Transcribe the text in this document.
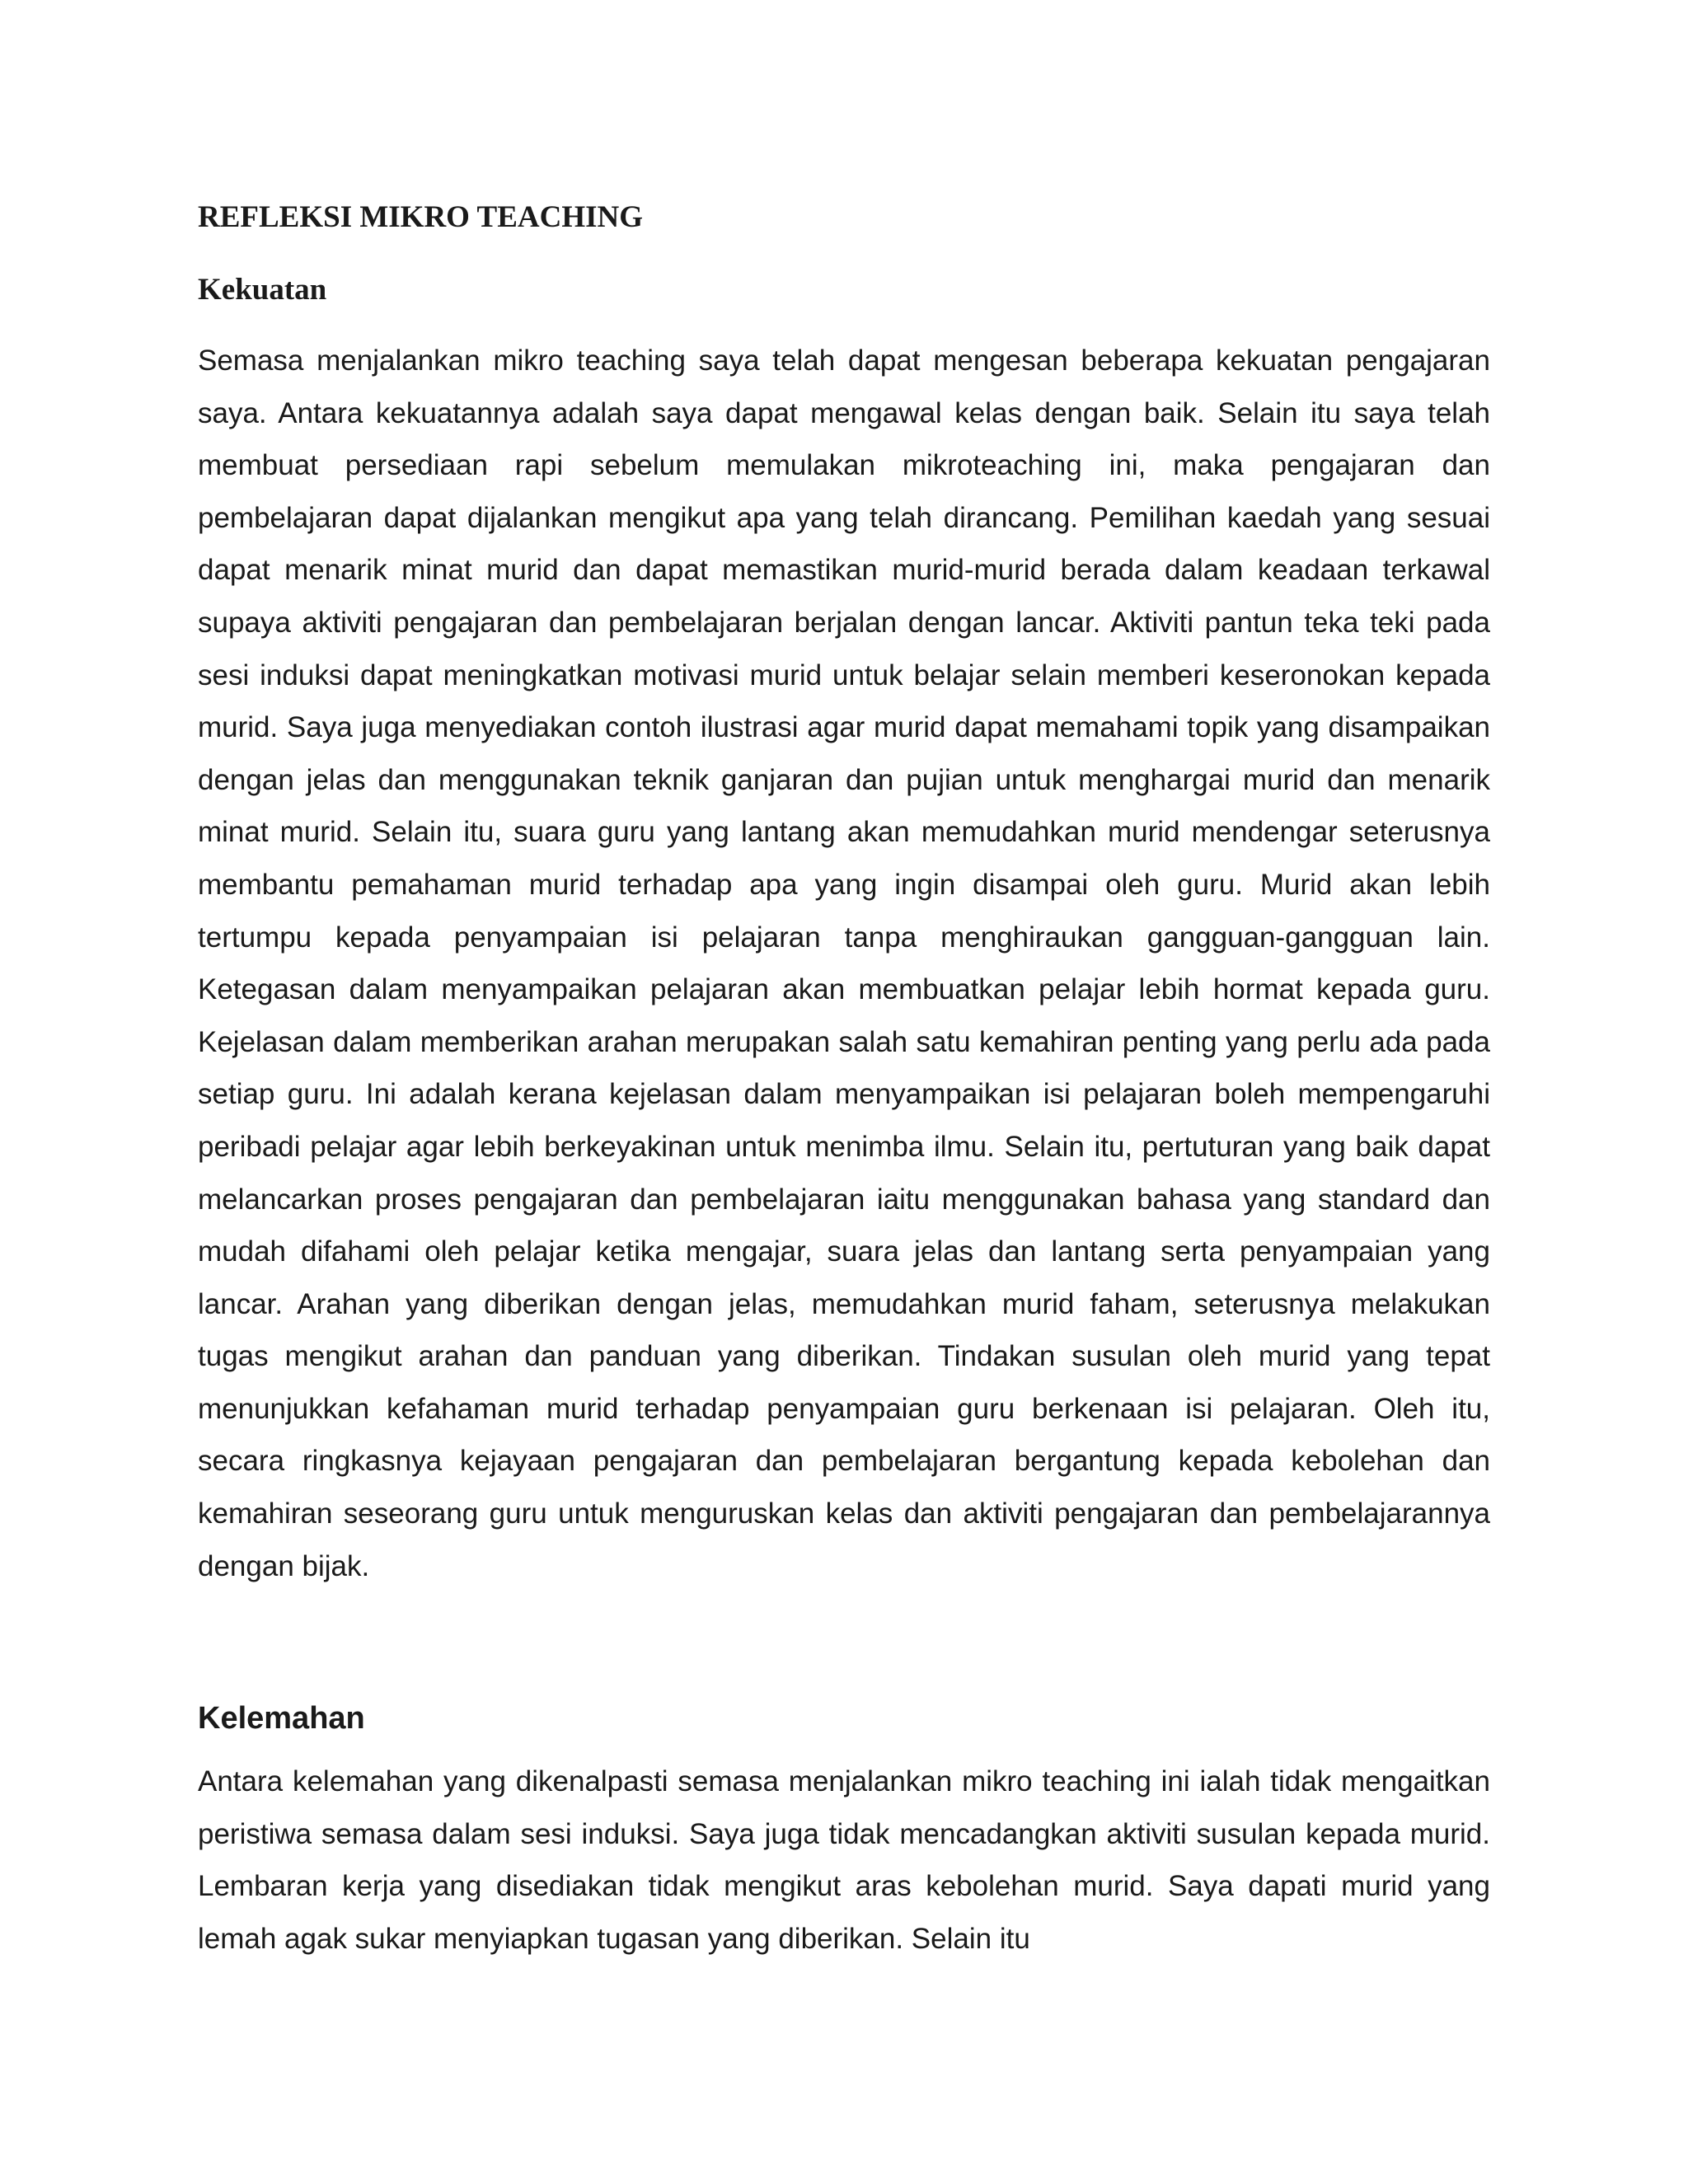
REFLEKSI MIKRO TEACHING
Kekuatan

Semasa menjalankan mikro teaching saya telah dapat mengesan beberapa kekuatan pengajaran saya. Antara kekuatannya adalah saya dapat mengawal kelas dengan baik. Selain itu saya telah membuat persediaan rapi sebelum memulakan mikroteaching ini, maka pengajaran dan pembelajaran dapat dijalankan mengikut apa yang telah dirancang. Pemilihan kaedah yang sesuai dapat menarik minat murid dan dapat memastikan murid-murid berada dalam keadaan terkawal supaya aktiviti pengajaran dan pembelajaran berjalan dengan lancar. Aktiviti pantun teka teki pada sesi induksi dapat meningkatkan motivasi murid untuk belajar selain memberi keseronokan kepada murid. Saya juga menyediakan contoh ilustrasi agar murid dapat memahami topik yang disampaikan dengan jelas dan menggunakan teknik ganjaran dan pujian untuk menghargai murid dan menarik minat murid. Selain itu, suara guru yang lantang akan memudahkan murid mendengar seterusnya membantu pemahaman murid terhadap apa yang ingin disampai oleh guru. Murid akan lebih tertumpu kepada penyampaian isi pelajaran tanpa menghiraukan gangguan-gangguan lain. Ketegasan dalam menyampaikan pelajaran akan membuatkan pelajar lebih hormat kepada guru. Kejelasan dalam memberikan arahan merupakan salah satu kemahiran penting yang perlu ada pada setiap guru. Ini adalah kerana kejelasan dalam menyampaikan isi pelajaran boleh mempengaruhi peribadi pelajar agar lebih berkeyakinan untuk menimba ilmu. Selain itu, pertuturan yang baik dapat melancarkan proses pengajaran dan pembelajaran iaitu menggunakan bahasa yang standard dan mudah difahami oleh pelajar ketika mengajar, suara jelas dan lantang serta penyampaian yang lancar. Arahan yang diberikan dengan jelas, memudahkan murid faham, seterusnya melakukan tugas mengikut arahan dan panduan yang diberikan. Tindakan susulan oleh murid yang tepat menunjukkan kefahaman murid terhadap penyampaian guru berkenaan isi pelajaran. Oleh itu, secara ringkasnya kejayaan pengajaran dan pembelajaran bergantung kepada kebolehan dan kemahiran seseorang guru untuk menguruskan kelas dan aktiviti pengajaran dan pembelajarannya dengan bijak.

Kelemahan

Antara kelemahan yang dikenalpasti semasa menjalankan mikro teaching ini ialah tidak mengaitkan peristiwa semasa dalam sesi induksi. Saya juga tidak mencadangkan aktiviti susulan kepada murid. Lembaran kerja yang disediakan tidak mengikut aras kebolehan murid. Saya dapati murid yang lemah agak sukar menyiapkan tugasan yang diberikan. Selain itu
